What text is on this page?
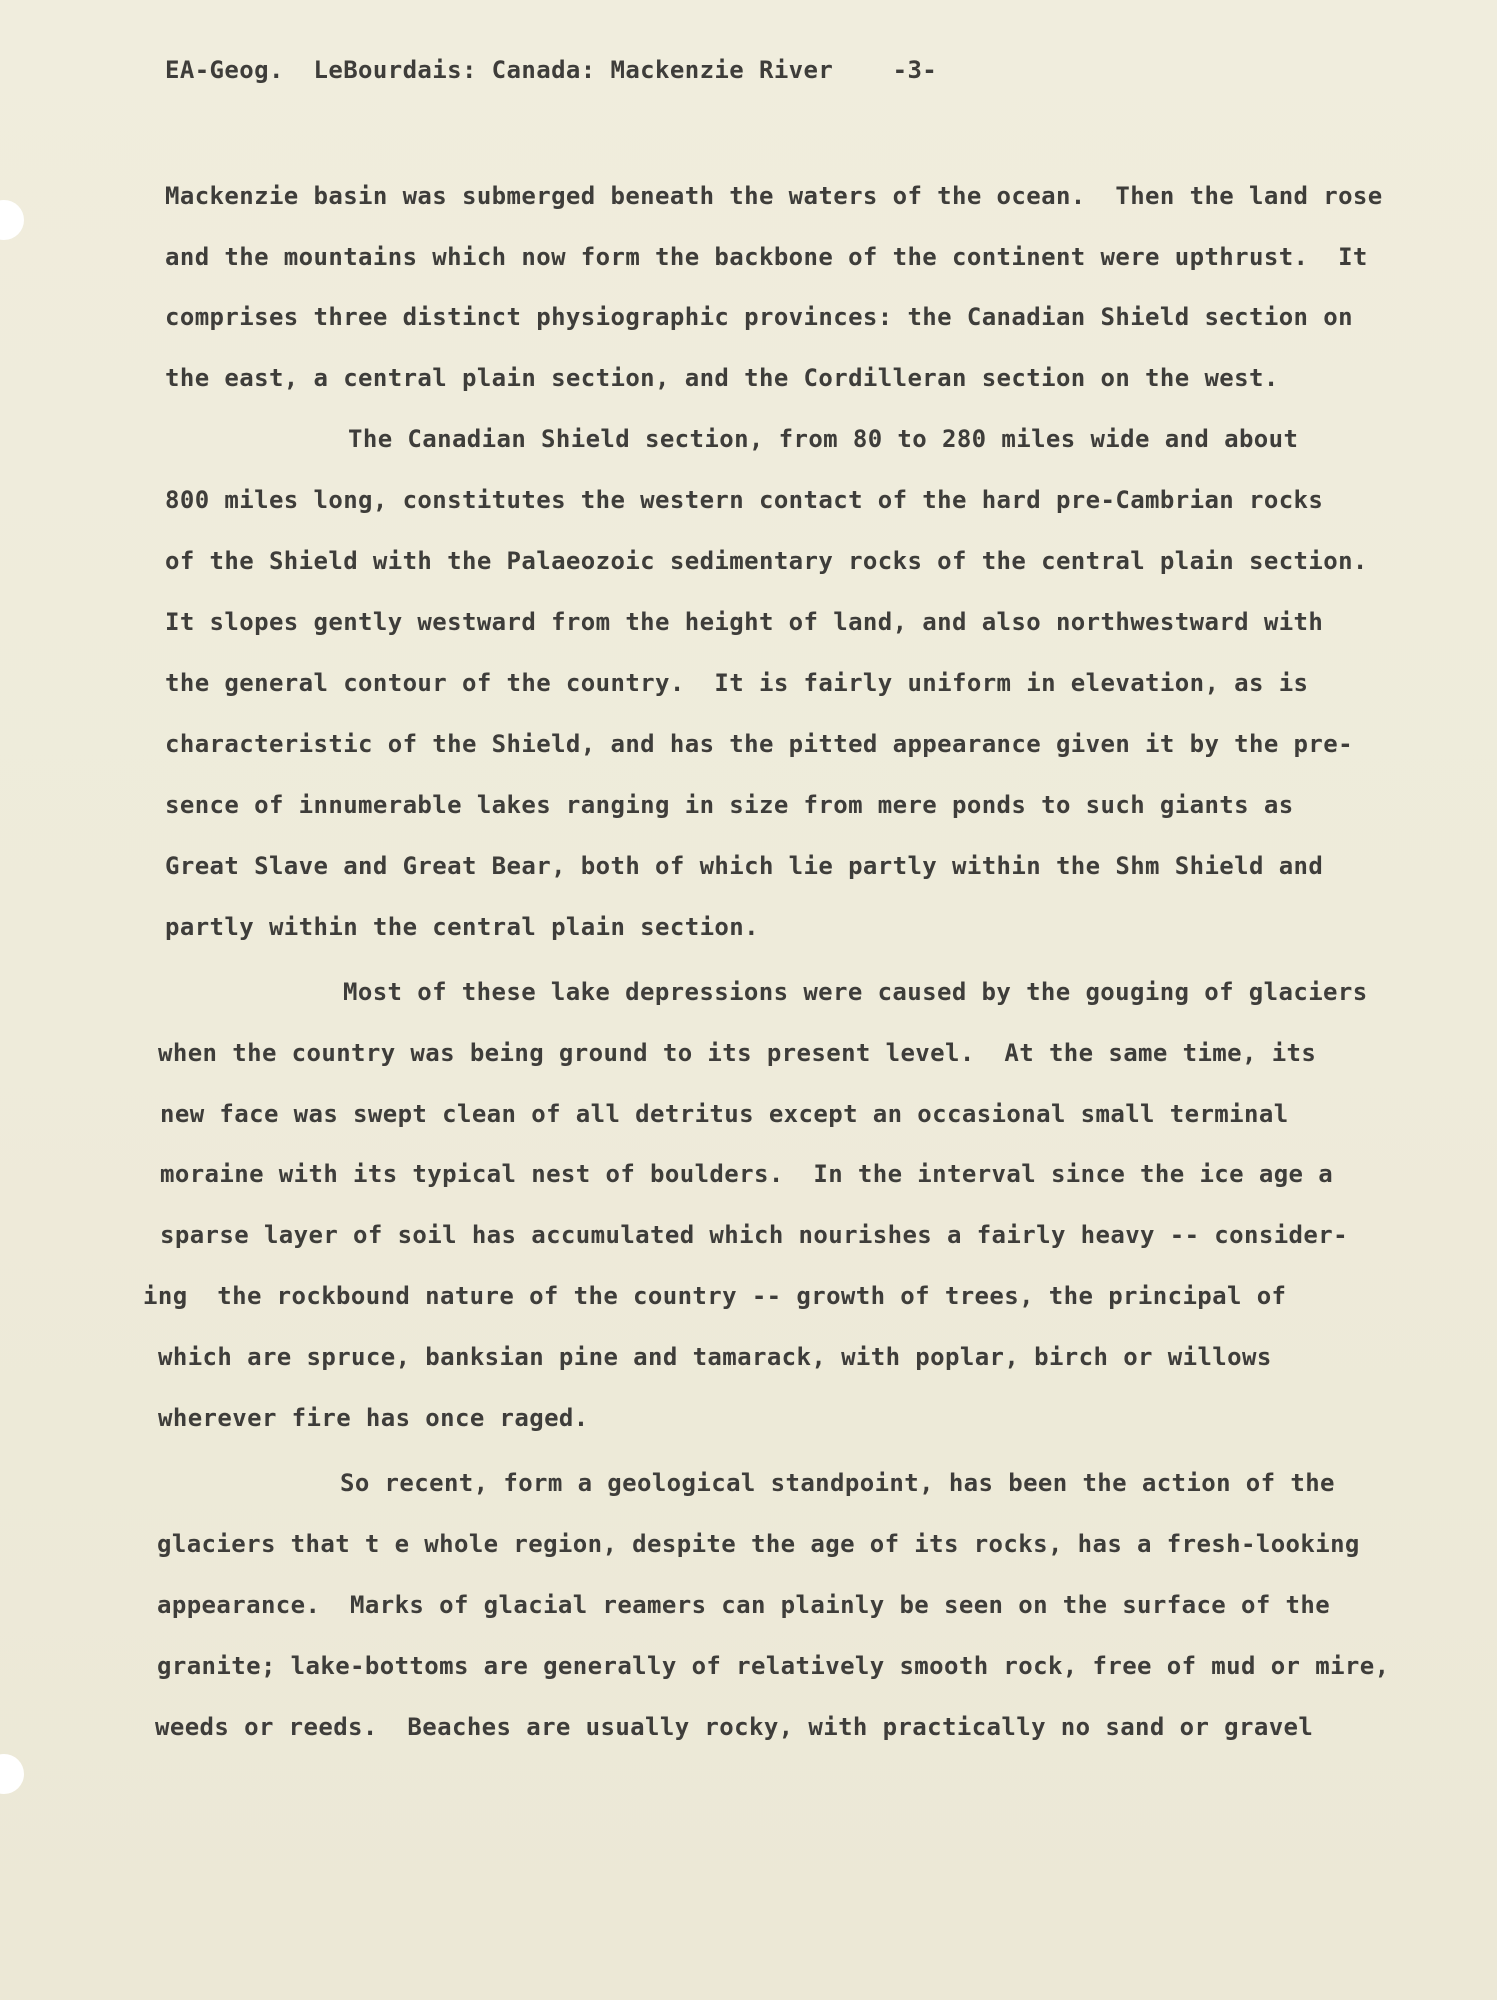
EA-Geog.  LeBourdais: Canada: Mackenzie River    -3-
Mackenzie basin was submerged beneath the waters of the ocean.  Then the land rose
and the mountains which now form the backbone of the continent were upthrust.  It
comprises three distinct physiographic provinces: the Canadian Shield section on
the east, a central plain section, and the Cordilleran section on the west.
The Canadian Shield section, from 80 to 280 miles wide and about
800 miles long, constitutes the western contact of the hard pre-Cambrian rocks
of the Shield with the Palaeozoic sedimentary rocks of the central plain section.
It slopes gently westward from the height of land, and also northwestward with
the general contour of the country.  It is fairly uniform in elevation, as is
characteristic of the Shield, and has the pitted appearance given it by the pre-
sence of innumerable lakes ranging in size from mere ponds to such giants as
Great Slave and Great Bear, both of which lie partly within the Shm Shield and
partly within the central plain section.
Most of these lake depressions were caused by the gouging of glaciers
when the country was being ground to its present level.  At the same time, its
new face was swept clean of all detritus except an occasional small terminal
moraine with its typical nest of boulders.  In the interval since the ice age a
sparse layer of soil has accumulated which nourishes a fairly heavy -- consider-
ing  the rockbound nature of the country -- growth of trees, the principal of
which are spruce, banksian pine and tamarack, with poplar, birch or willows
wherever fire has once raged.
So recent, form a geological standpoint, has been the action of the
glaciers that t e whole region, despite the age of its rocks, has a fresh-looking
appearance.  Marks of glacial reamers can plainly be seen on the surface of the
granite; lake-bottoms are generally of relatively smooth rock, free of mud or mire,
weeds or reeds.  Beaches are usually rocky, with practically no sand or gravel
